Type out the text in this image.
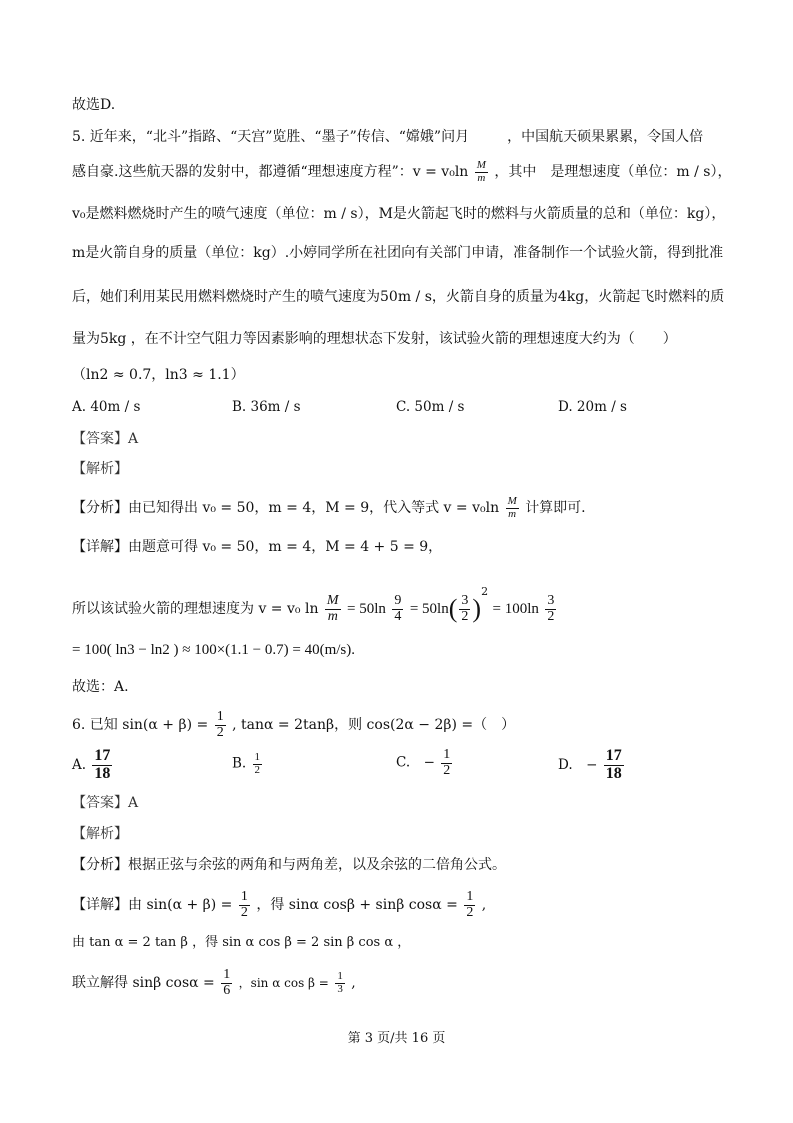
故选D.
5. 近年来，“北斗”指路、“天宫”览胜、“墨子”传信、“嫦娥”问月	，中国航天硕果累累，令国人倍
感自豪.这些航天器的发射中，都遵循“理想速度方程”：$v = v_0\ln \frac{M}{m}$ ，其中　是理想速度（单位：m / s），
v₀是燃料燃烧时产生的喷气速度（单位：m / s），M是火箭起飞时的燃料与火箭质量的总和（单位：kg），
m是火箭自身的质量（单位：kg）.小婷同学所在社团向有关部门申请，准备制作一个试验火箭，得到批准
后，她们利用某民用燃料燃烧时产生的喷气速度为50m / s，火箭自身的质量为4kg，火箭起飞时燃料的质
量为5kg ，在不计空气阻力等因素影响的理想状态下发射，该试验火箭的理想速度大约为（　　）
（ln2 ≈ 0.7，ln3 ≈ 1.1）
A. 40m / s	B. 36m / s	C. 50m / s	D. 20m / s
【答案】A
【解析】
【分析】由已知得出 v₀ = 50，m = 4，M = 9，代入等式 $v = v_0\ln \frac{M}{m}$ 计算即可.
【详解】由题意可得 v₀ = 50，m = 4，M = 4 + 5 = 9，
所以该试验火箭的理想速度为 v = v₀ $\ln \frac{M}{m} = 50\ln \frac{9}{4} = 50\ln( \frac{3}{2} )^2 = 100\ln \frac{3}{2}$
= 100( ln3 − ln2 ) ≈ 100×(1.1 − 0.7) = 40(m/s).
故选：A.
6. 已知 $\sin(\alpha + \beta) = \frac{1}{2}$ , tanα = 2tanβ，则 cos(2α − 2β) =（　）
A. $\frac{17}{18}$	B. $\frac{1}{2}$	C.　− $\frac{1}{2}$	D.　− $\frac{17}{18}$
【答案】A
【解析】
【分析】根据正弦与余弦的两角和与两角差，以及余弦的二倍角公式。
【详解】由 $\sin(\alpha + \beta) = \frac{1}{2}$ ，得 sinα cosβ + sinβ $\cos\alpha = \frac{1}{2}$ ,
由 tan α = 2 tan β ，得 sin α cos β = 2 sin β cos α ，
联立解得 sinβ $\cos\alpha = \frac{1}{6}$ ，sin α $\cos \beta = \frac{1}{3}$ ,
第 3 页/共 16 页
